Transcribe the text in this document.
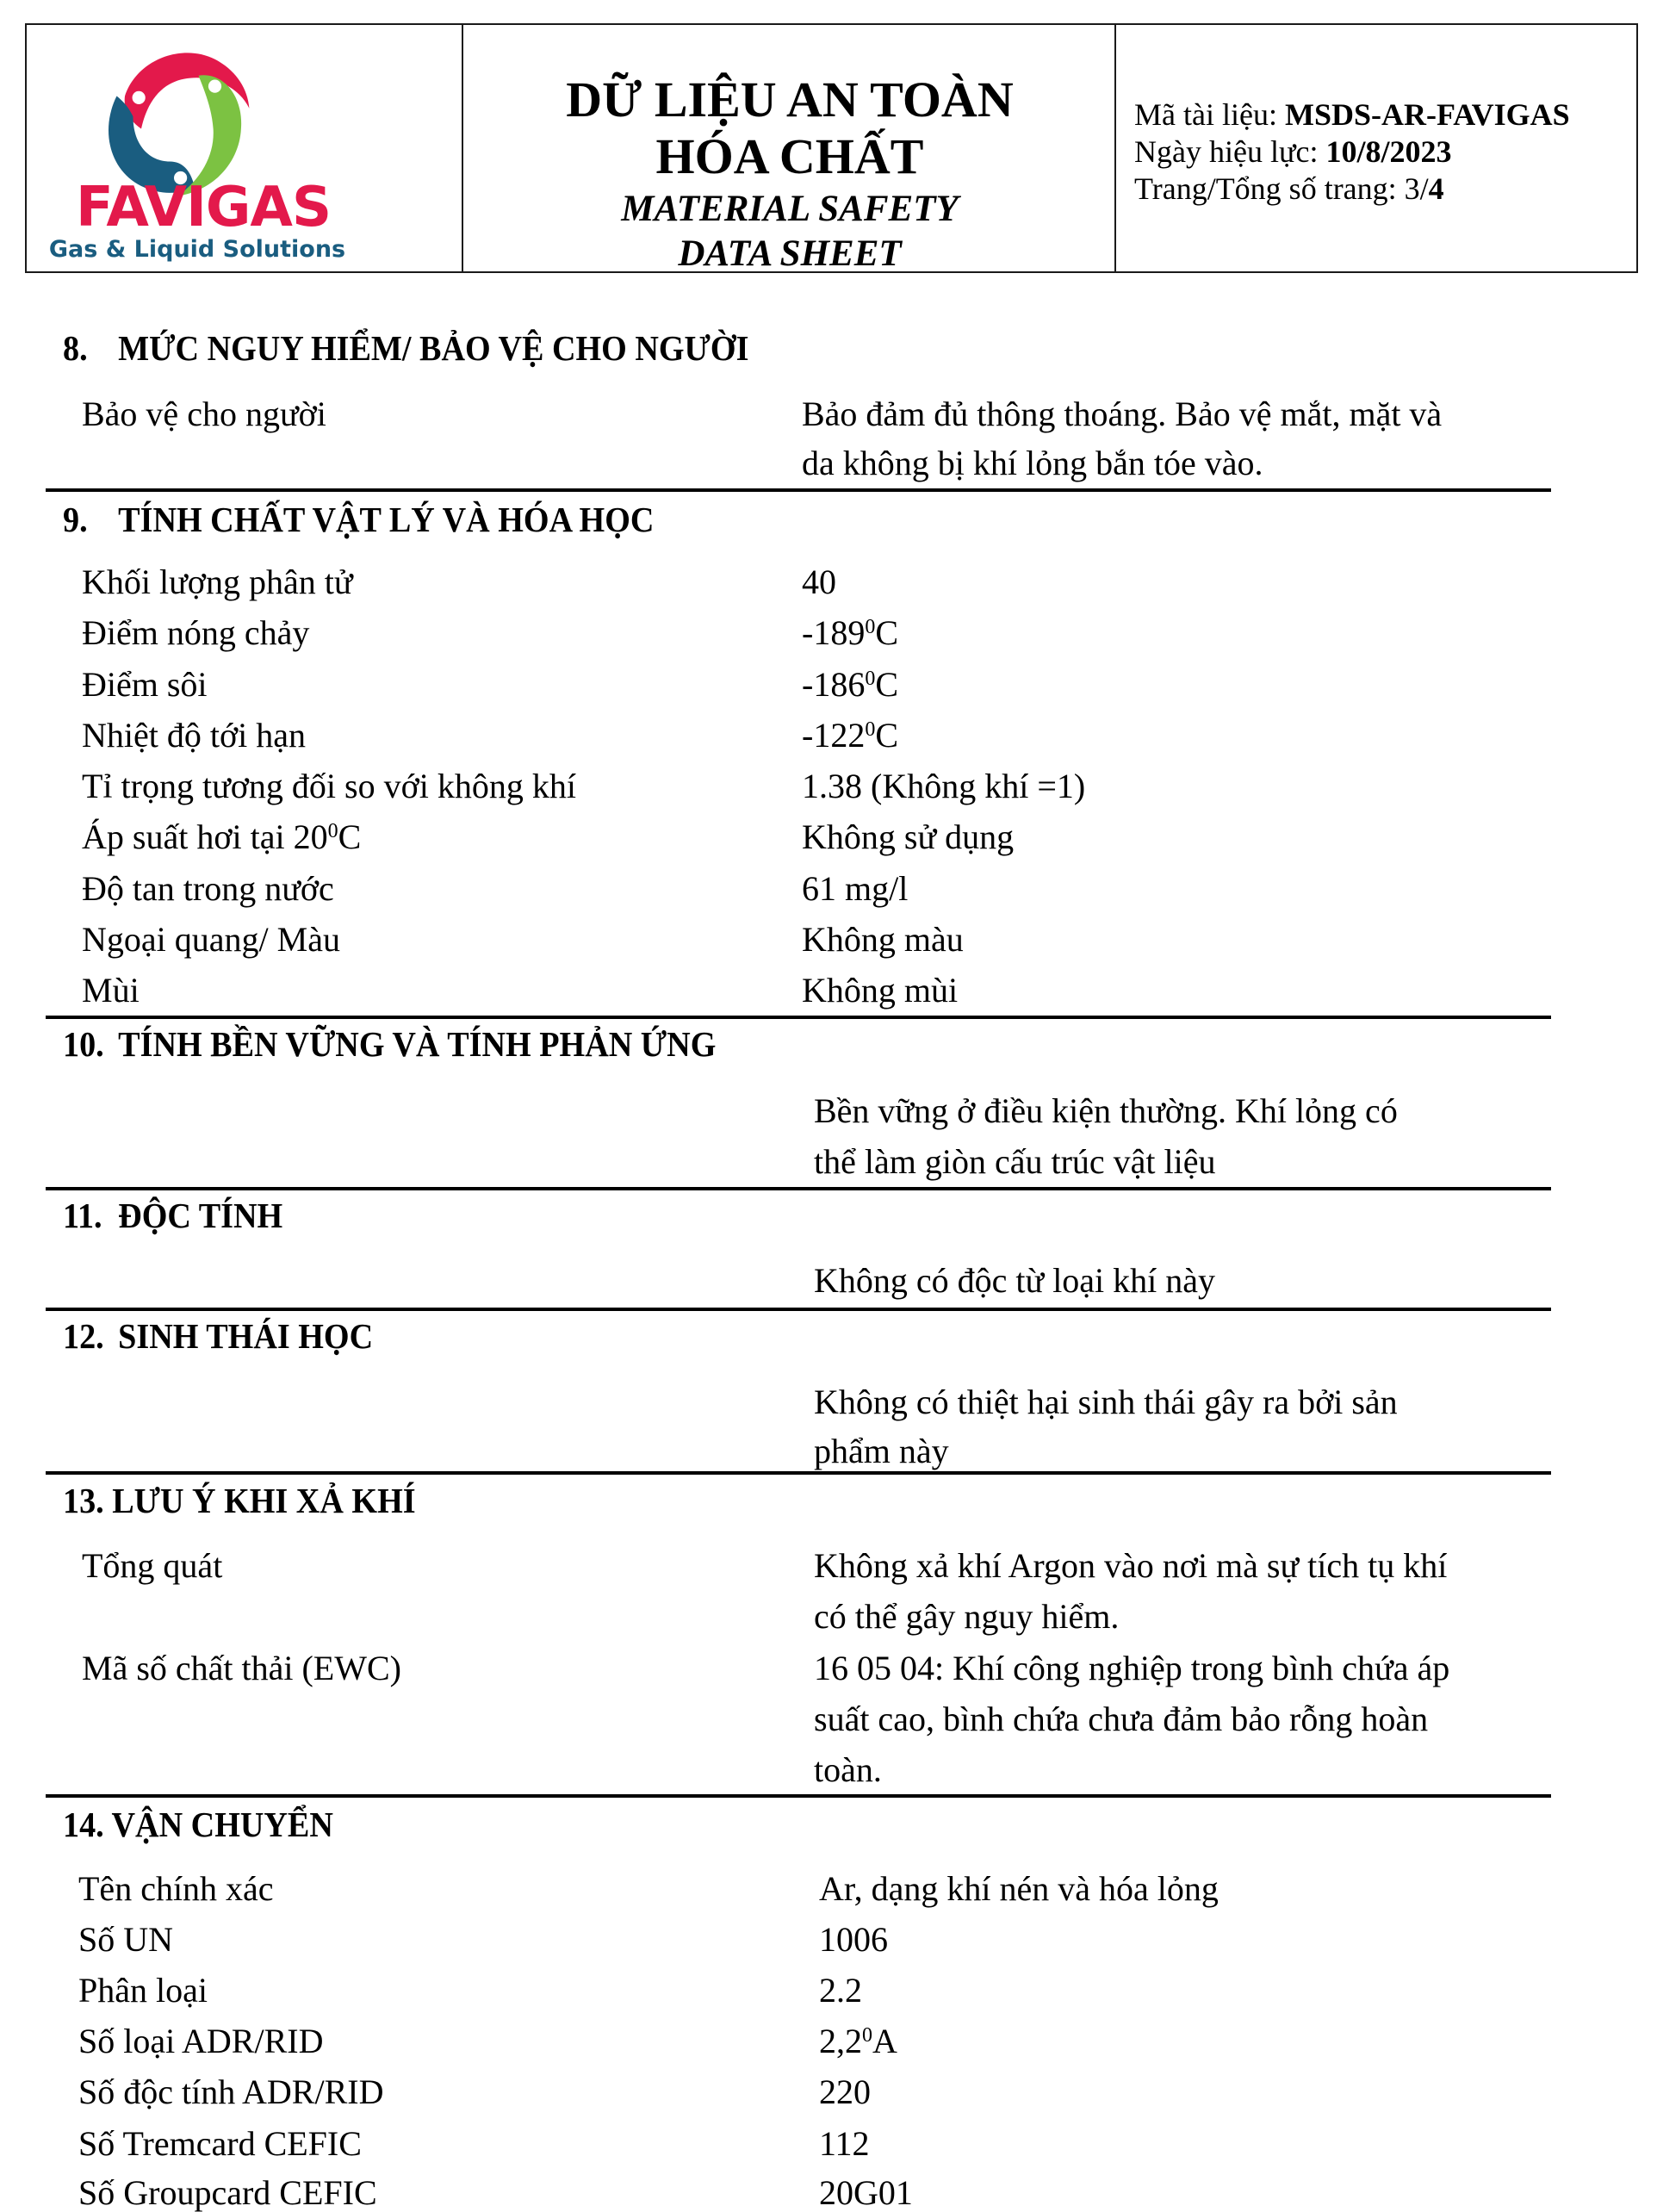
FAVIGAS
Gas & Liquid Solutions
DỮ LIỆU AN TOÀN
HÓA CHẤT
MATERIAL SAFETY
DATA SHEET
Mã tài liệu: MSDS-AR-FAVIGAS
Ngày hiệu lực: 10/8/2023
Trang/Tổng số trang: 3/4
8. MỨC NGUY HIỂM/ BẢO VỆ CHO NGƯỜI
Bảo vệ cho người	Bảo đảm đủ thông thoáng. Bảo vệ mắt, mặt và
da không bị khí lỏng bắn tóe vào.
9. TÍNH CHẤT VẬT LÝ VÀ HÓA HỌC
Khối lượng phân tử	40
Điểm nóng chảy	$-189^0C$
Điểm sôi	$-186^0C$
Nhiệt độ tới hạn	$-122^0C$
Tỉ trọng tương đối so với không khí	1.38 (Không khí =1)
Áp suất hơi tại $20^0C$	Không sử dụng
Độ tan trong nước	61 mg/l
Ngoại quang/ Màu	Không màu
Mùi	Không mùi
10. TÍNH BỀN VỮNG VÀ TÍNH PHẢN ỨNG
Bền vững ở điều kiện thường. Khí lỏng có
thể làm giòn cấu trúc vật liệu
11. ĐỘC TÍNH
Không có độc từ loại khí này
12. SINH THÁI HỌC
Không có thiệt hại sinh thái gây ra bởi sản
phẩm này
13. LƯU Ý KHI XẢ KHÍ
Tổng quát	Không xả khí Argon vào nơi mà sự tích tụ khí
có thể gây nguy hiểm.
Mã số chất thải (EWC)	16 05 04: Khí công nghiệp trong bình chứa áp
suất cao, bình chứa chưa đảm bảo rỗng hoàn
toàn.
14. VẬN CHUYỂN
Tên chính xác	Ar, dạng khí nén và hóa lỏng
Số UN	1006
Phân loại	2.2
Số loại ADR/RID	$2,2^0A$
Số độc tính ADR/RID	220
Số Tremcard CEFIC	112
Số Groupcard CEFIC	20G01
